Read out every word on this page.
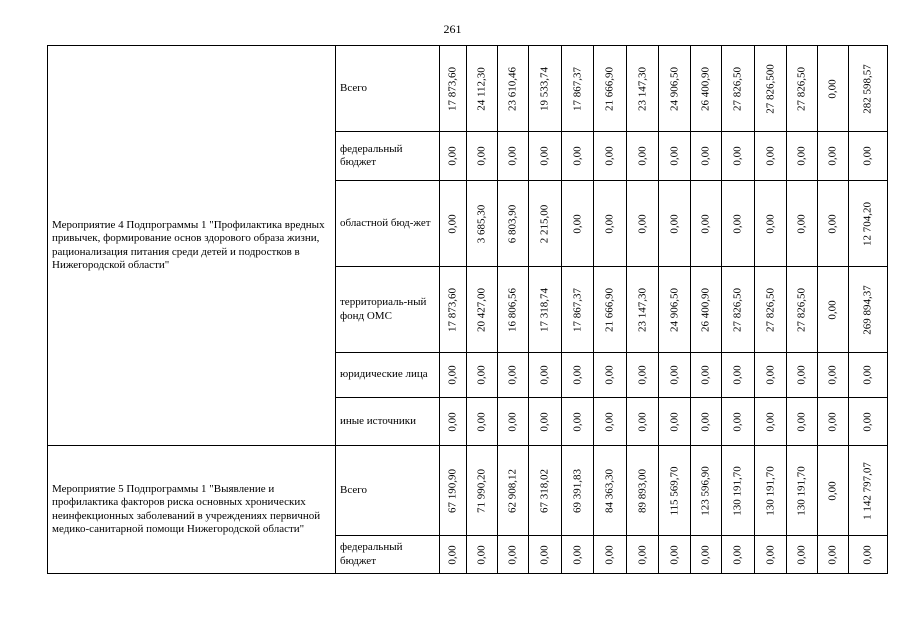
261
Мероприятие 4 Подпрограммы 1 "Профилактика вредных привычек, формирование основ здорового образа жизни, рационализация питания среди детей и подростков в Нижегородской области"	Всего	17 873,60	24 112,30	23 610,46	19 533,74	17 867,37	21 666,90	23 147,30	24 906,50	26 400,90	27 826,50	27 826,500	27 826,50	0,00	282 598,57

	федеральный бюджет	0,00	0,00	0,00	0,00	0,00	0,00	0,00	0,00	0,00	0,00	0,00	0,00	0,00	0,00

	областной бюд-жет	0,00	3 685,30	6 803,90	2 215,00	0,00	0,00	0,00	0,00	0,00	0,00	0,00	0,00	0,00	12 704,20

	территориаль-ный фонд ОМС	17 873,60	20 427,00	16 806,56	17 318,74	17 867,37	21 666,90	23 147,30	24 906,50	26 400,90	27 826,50	27 826,50	27 826,50	0,00	269 894,37

	юридические лица	0,00	0,00	0,00	0,00	0,00	0,00	0,00	0,00	0,00	0,00	0,00	0,00	0,00	0,00

	иные источники	0,00	0,00	0,00	0,00	0,00	0,00	0,00	0,00	0,00	0,00	0,00	0,00	0,00	0,00

Мероприятие 5 Подпрограммы 1 "Выявление и профилактика факторов риска основных хронических неинфекционных заболеваний в учреждениях первичной медико-санитарной помощи Нижегородской области"	Всего	67 190,90	71 990,20	62 908,12	67 318,02	69 391,83	84 363,30	89 893,00	115 569,70	123 596,90	130 191,70	130 191,70	130 191,70	0,00	1 142 797,07

	федеральный бюджет	0,00	0,00	0,00	0,00	0,00	0,00	0,00	0,00	0,00	0,00	0,00	0,00	0,00	0,00
